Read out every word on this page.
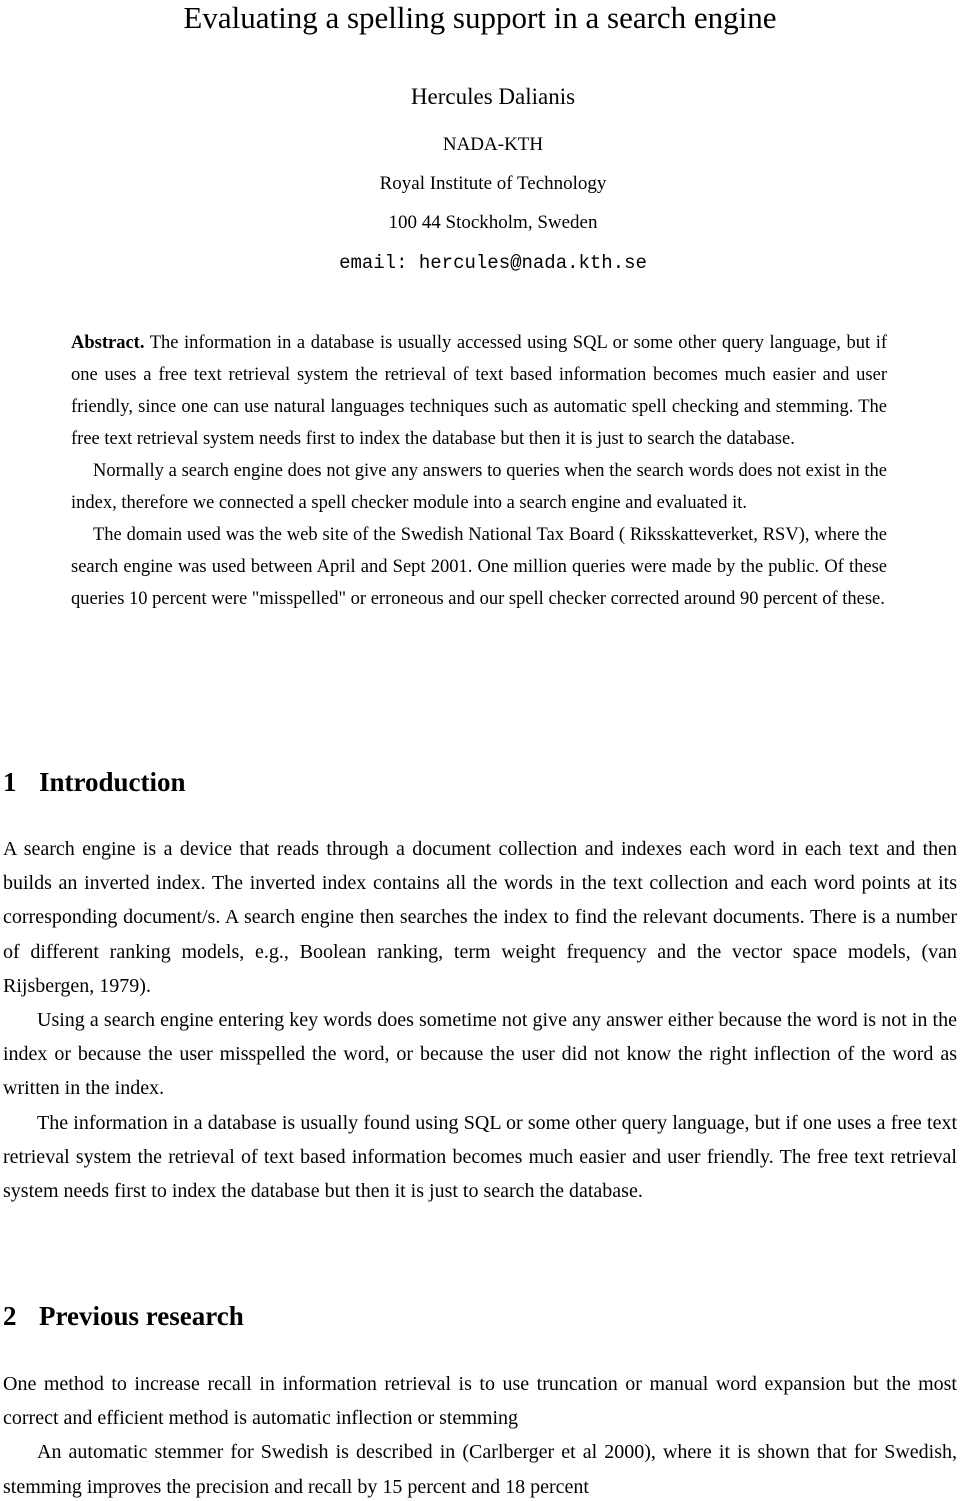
Evaluating a spelling support in a search engine
Hercules Dalianis
NADA-KTH
Royal Institute of Technology
100 44 Stockholm, Sweden
email: hercules@nada.kth.se

Abstract. The information in a database is usually accessed using SQL or some other query language, but if one uses a free text retrieval system the retrieval of text based information becomes much easier and user friendly, since one can use natural languages techniques such as automatic spell checking and stemming. The free text retrieval system needs first to index the database but then it is just to search the database.

Normally a search engine does not give any answers to queries when the search words does not exist in the index, therefore we connected a spell checker module into a search engine and evaluated it.

The domain used was the web site of the Swedish National Tax Board ( Riksskatteverket, RSV), where the search engine was used between April and Sept 2001. One million queries were made by the public. Of these queries 10 percent were "misspelled" or erroneous and our spell checker corrected around 90 percent of these.

1 Introduction

A search engine is a device that reads through a document collection and indexes each word in each text and then builds an inverted index. The inverted index contains all the words in the text collection and each word points at its corresponding document/s. A search engine then searches the index to find the relevant documents. There is a number of different ranking models, e.g., Boolean ranking, term weight frequency and the vector space models, (van Rijsbergen, 1979).

Using a search engine entering key words does sometime not give any answer either because the word is not in the index or because the user misspelled the word, or because the user did not know the right inflection of the word as written in the index.

The information in a database is usually found using SQL or some other query language, but if one uses a free text retrieval system the retrieval of text based information becomes much easier and user friendly. The free text retrieval system needs first to index the database but then it is just to search the database.

2 Previous research

One method to increase recall in information retrieval is to use truncation or manual word expansion but the most correct and efficient method is automatic inflection or stemming

An automatic stemmer for Swedish is described in (Carlberger et al 2000), where it is shown that for Swedish, stemming improves the precision and recall by 15 percent and 18 percent
